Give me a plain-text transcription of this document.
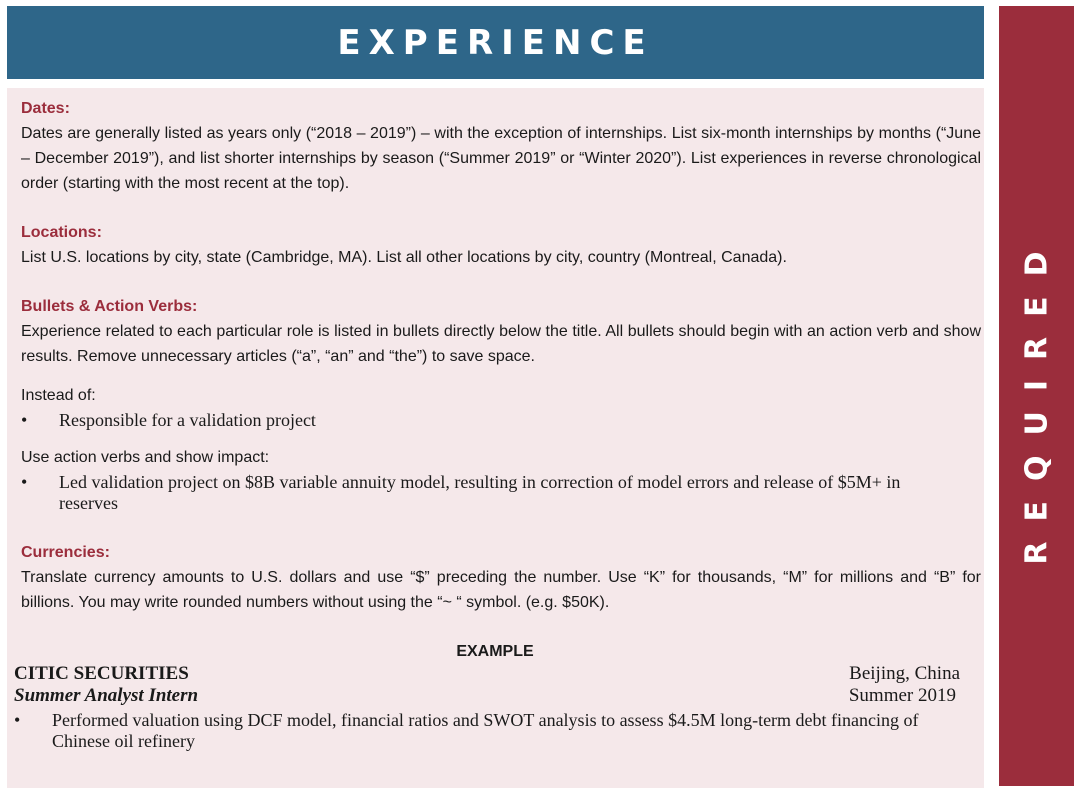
EXPERIENCE
REQUIRED
Dates:
Dates are generally listed as years only (“2018 – 2019”) – with the exception of internships. List six-month internships by months (“June – December 2019”), and list shorter internships by season (“Summer 2019” or “Winter 2020”). List experiences in reverse chronological order (starting with the most recent at the top).
Locations:
List U.S. locations by city, state (Cambridge, MA). List all other locations by city, country (Montreal, Canada).
Bullets & Action Verbs:
Experience related to each particular role is listed in bullets directly below the title. All bullets should begin with an action verb and show results. Remove unnecessary articles (“a”, “an” and “the”) to save space.
Instead of:
• Responsible for a validation project
Use action verbs and show impact:
• Led validation project on $8B variable annuity model, resulting in correction of model errors and release of $5M+ in reserves
Currencies:
Translate currency amounts to U.S. dollars and use “$” preceding the number. Use “K” for thousands, “M” for millions and “B” for billions. You may write rounded numbers without using the “~ “ symbol. (e.g. $50K).
EXAMPLE
CITIC SECURITIES
Summer Analyst Intern
Beijing, China
Summer 2019
• Performed valuation using DCF model, financial ratios and SWOT analysis to assess $4.5M long-term debt financing of Chinese oil refinery
